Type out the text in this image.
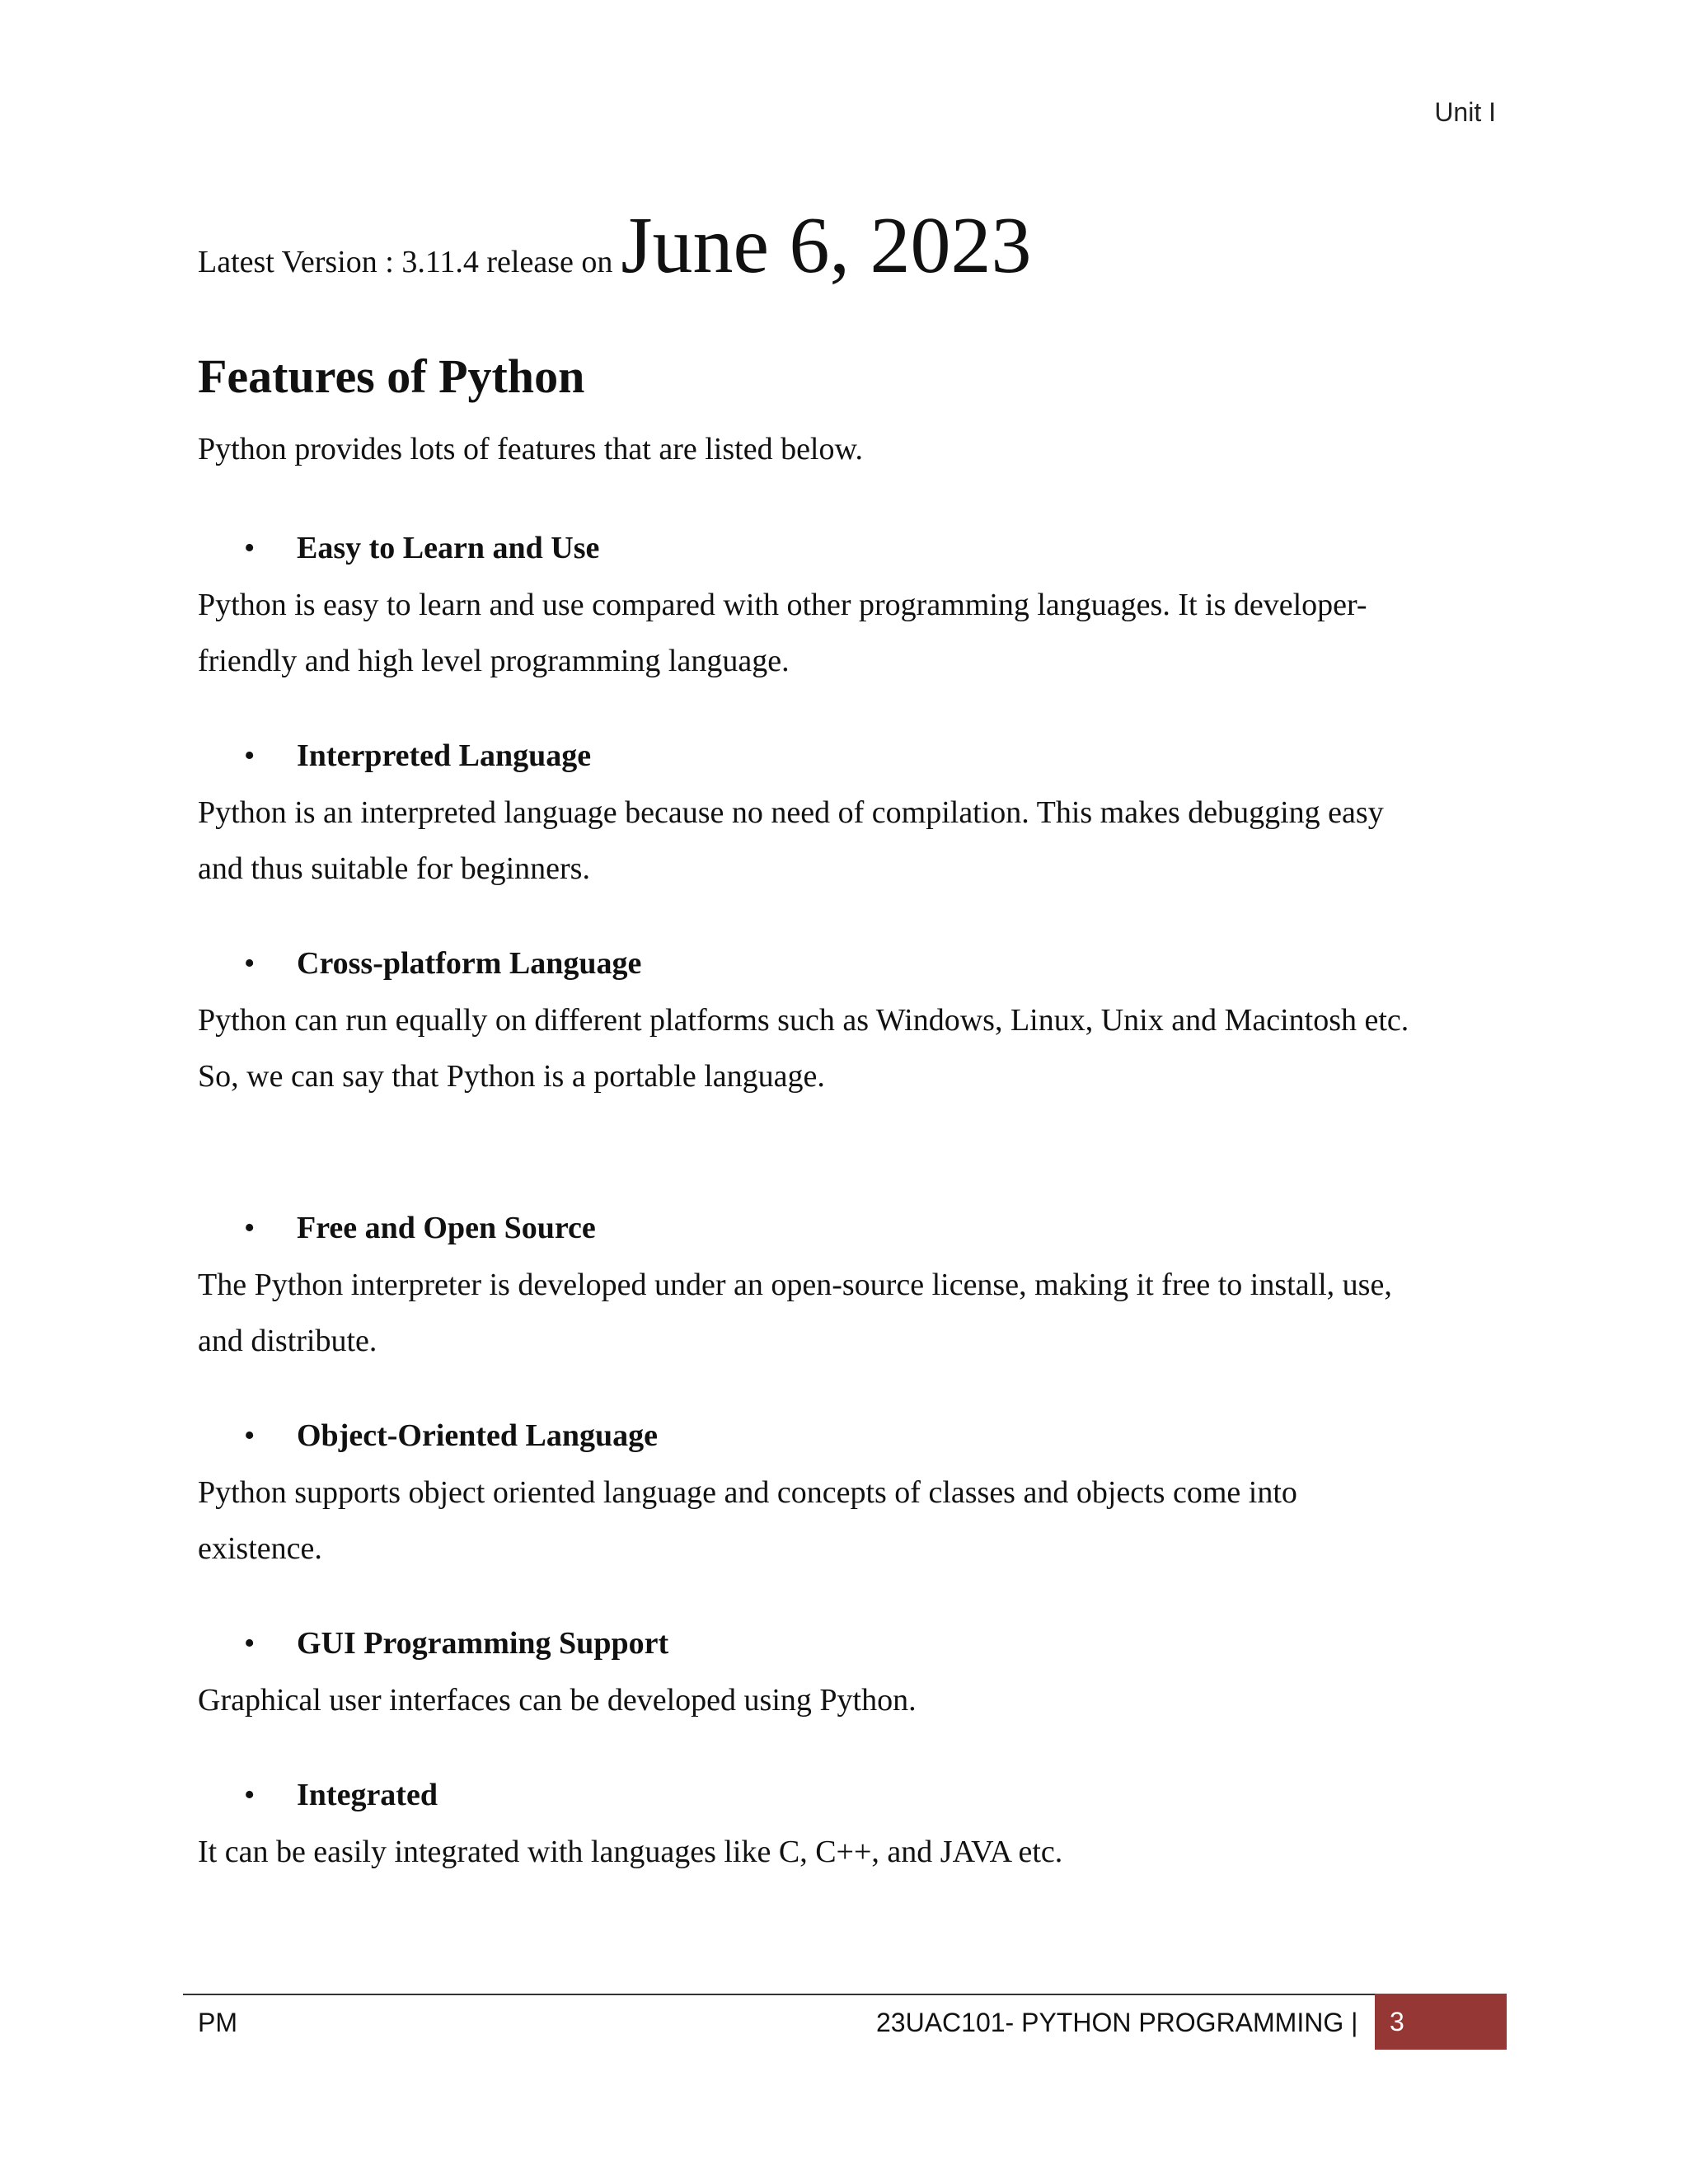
Unit I
Latest Version : 3.11.4 release on June 6, 2023
Features of Python

Python provides lots of features that are listed below.

• Easy to Learn and Use

Python is easy to learn and use compared with other programming languages. It is developer-
friendly and high level programming language.

• Interpreted Language

Python is an interpreted language because no need of compilation. This makes debugging easy
and thus suitable for beginners.

• Cross-platform Language

Python can run equally on different platforms such as Windows, Linux, Unix and Macintosh etc.
So, we can say that Python is a portable language.

• Free and Open Source

The Python interpreter is developed under an open-source license, making it free to install, use,
and distribute.

• Object-Oriented Language

Python supports object oriented language and concepts of classes and objects come into
existence.

• GUI Programming Support

Graphical user interfaces can be developed using Python.

• Integrated

It can be easily integrated with languages like C, C++, and JAVA etc.

PM	23UAC101- PYTHON PROGRAMMING |	3
